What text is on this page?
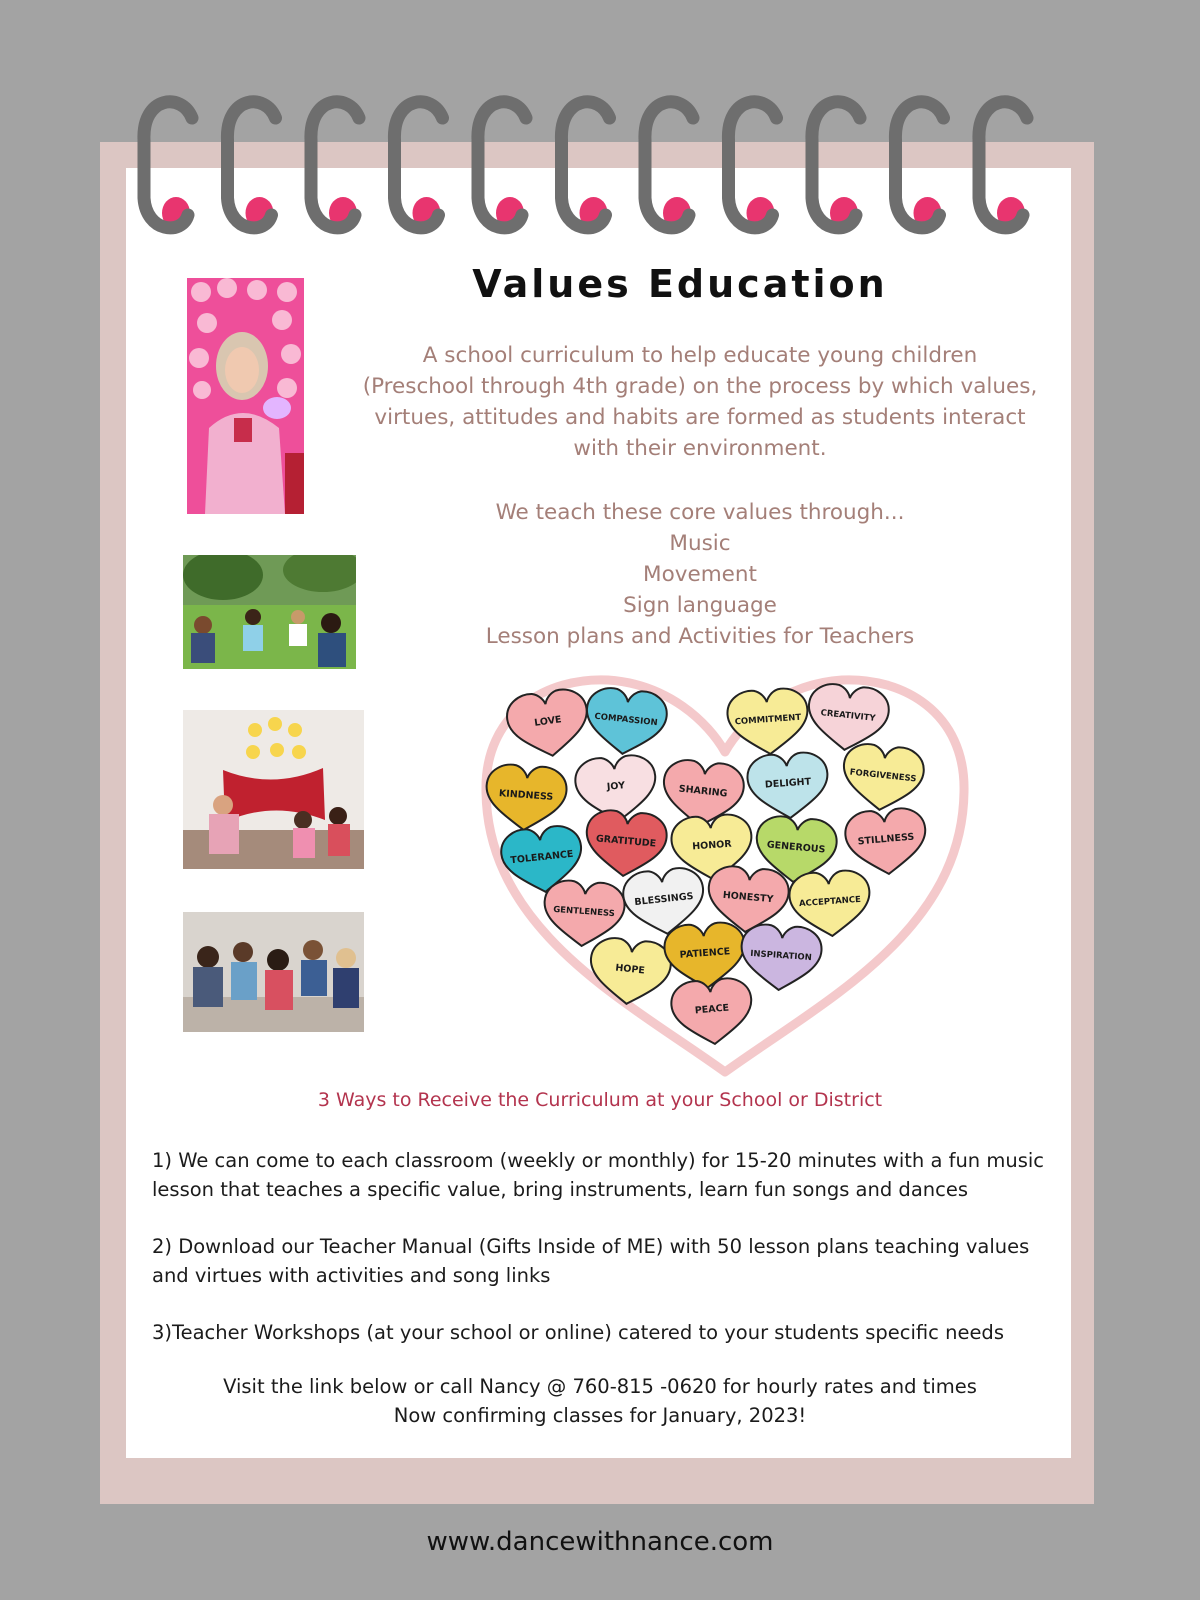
Values Education
A school curriculum to help educate young children
(Preschool through 4th grade) on the process by which values,
virtues, attitudes and habits are formed as students interact
with their environment.
We teach these core values through...
Music
Movement
Sign language
Lesson plans and Activities for Teachers
LOVE	COMPASSION	COMMITMENT CREATIVITY
KINDNESS
JOY	SHARING	DELIGHT	FORGIVENESS
TOLERANCE
GRATITUDE	HONOR	GENEROUS	STILLNESS
GENTLENESS
BLESSINGS	HONESTY	ACCEPTANCE
HOPE
PATIENCE INSPIRATION
PEACE
3 Ways to Receive the Curriculum at your School or District

1) We can come to each classroom (weekly or monthly) for 15-20 minutes with a fun music
lesson that teaches a specific value, bring instruments, learn fun songs and dances

2) Download our Teacher Manual (Gifts Inside of ME) with 50 lesson plans teaching values
and virtues with activities and song links

3)Teacher Workshops (at your school or online) catered to your students specific needs

Visit the link below or call Nancy @ 760-815 -0620 for hourly rates and times
Now confirming classes for January, 2023!
www.dancewithnance.com
